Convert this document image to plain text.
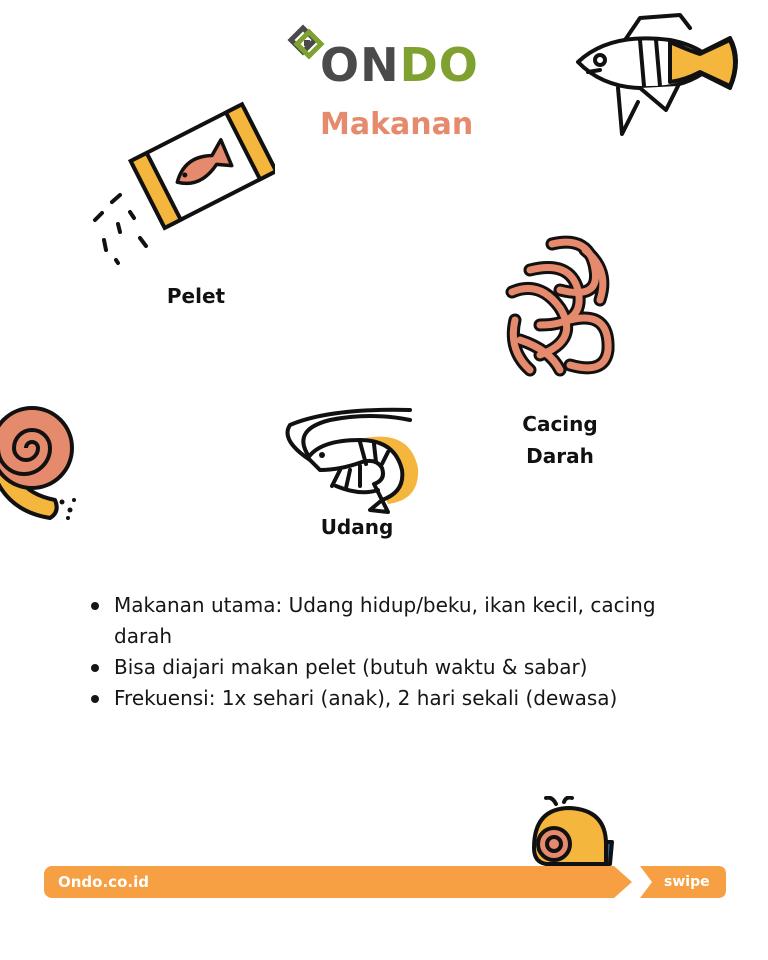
ONDO
Makanan
Pelet
Cacing
Darah
Udang
Makanan utama: Udang hidup/beku, ikan kecil, cacing darah
Bisa diajari makan pelet (butuh waktu & sabar)
Frekuensi: 1x sehari (anak), 2 hari sekali (dewasa)
Ondo.co.id	swipe
